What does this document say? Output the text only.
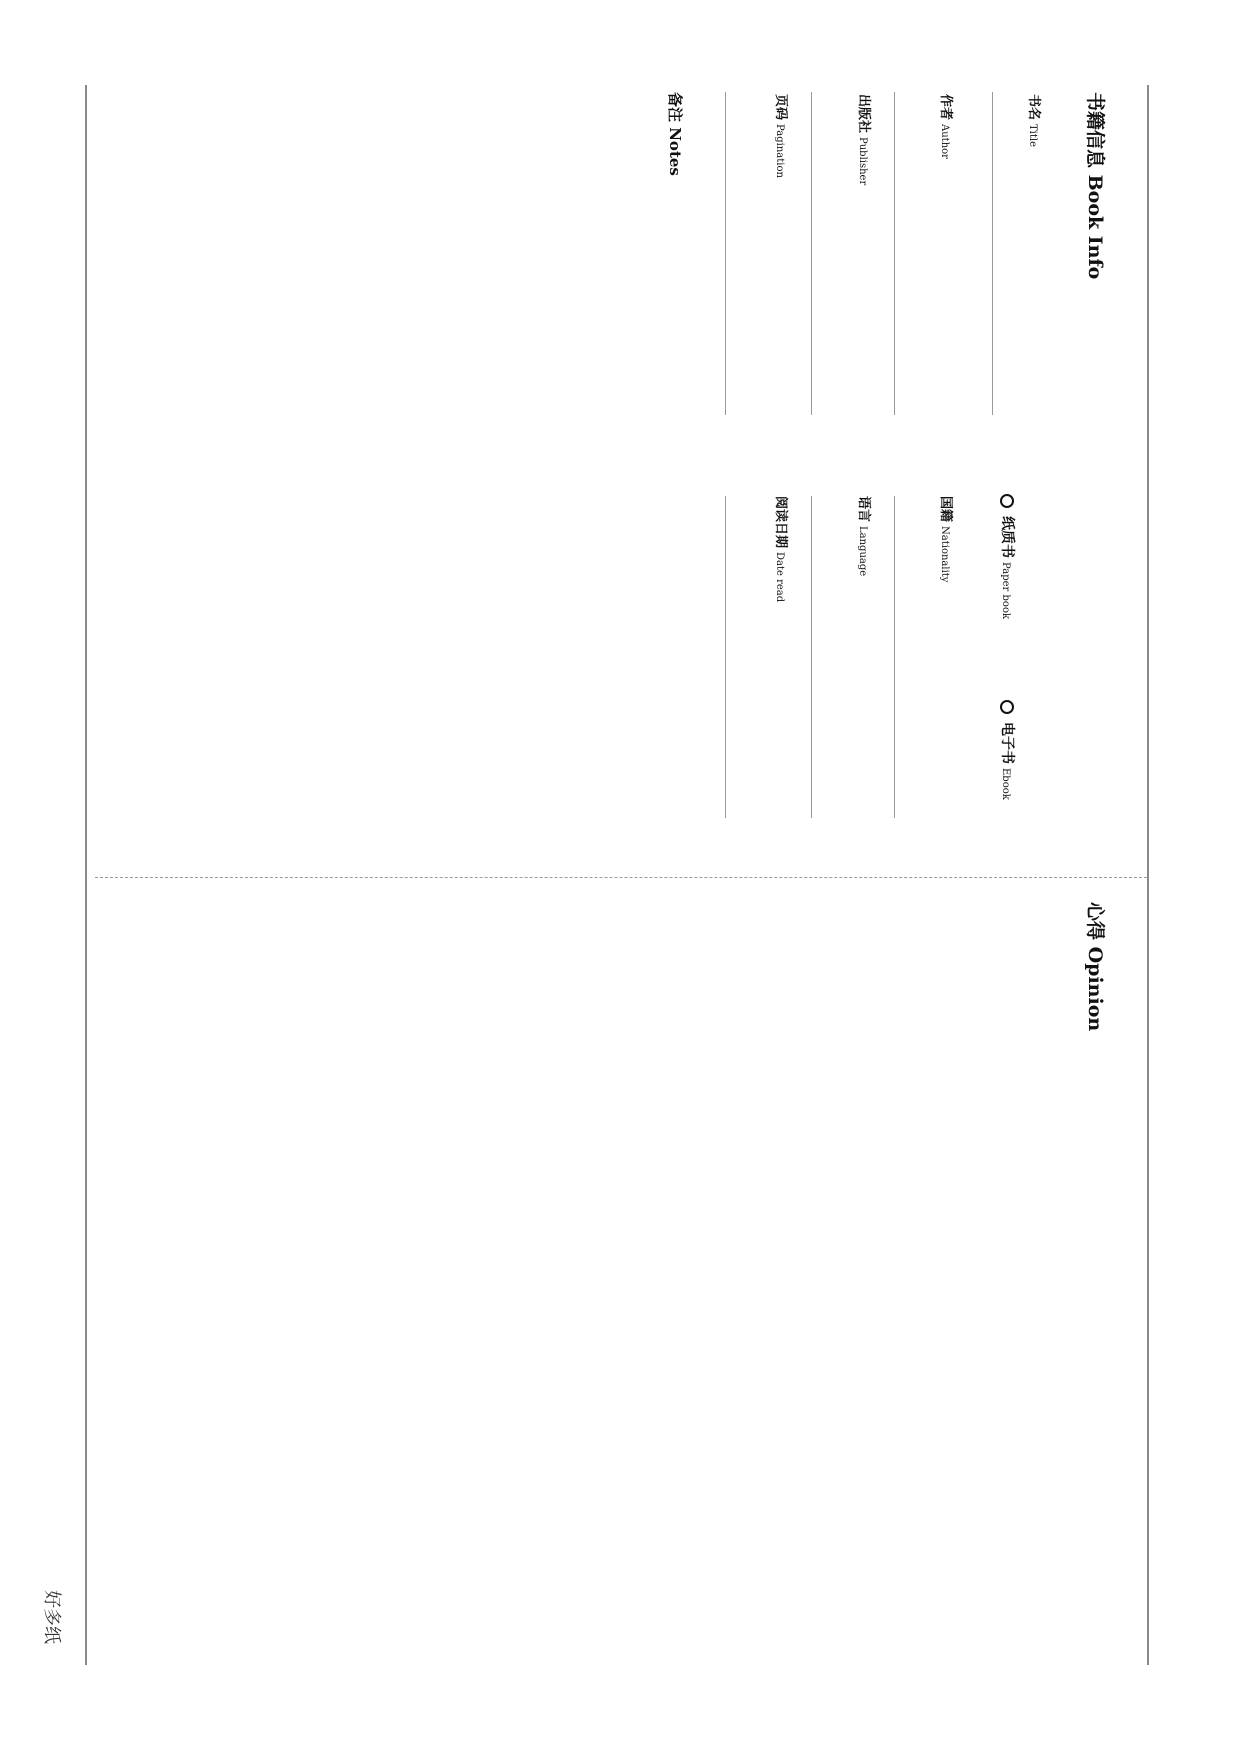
书籍信息 Book Info
书名Title
作者Author
出版社Publisher
页码Pagination
备注 Notes
纸质书Paper book
电子书Ebook
国籍Nationality
语言Language
阅读日期Date read
心得 Opinion
好多纸
